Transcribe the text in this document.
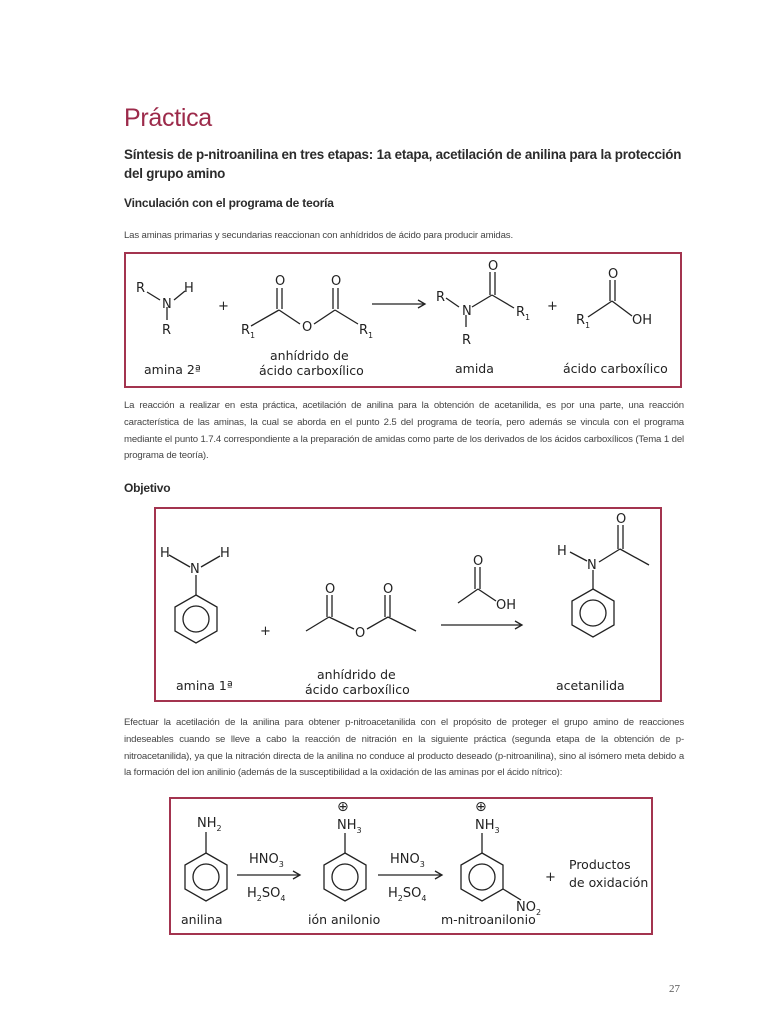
Práctica
Síntesis de p-nitroanilina en tres etapas: 1a etapa, acetilación de anilina para la protección del grupo amino
Vinculación con el programa de teoría
Las aminas primarias y secundarias reaccionan con anhídridos de ácido para producir amidas.
R
N
H
R
+
O	O
O
R 1	R 1
R
N
R
O
R 1
+
R 1
O
OH
amina 2ª
anhídrido de
ácido carboxílico	amida	ácido carboxílico
La reacción a realizar en esta práctica, acetilación de anilina para la obtención de acetanilida, es por una parte, una reacción característica de las aminas, la cual se aborda en el punto 2.5 del programa de teoría, pero además se vincula con el programa mediante el punto 1.7.4 correspondiente a la preparación de amidas como parte de los derivados de los ácidos carboxílicos (Tema 1 del programa de teoría).
Objetivo
H
N
H
+
O	O
O
O
OH
H
N
O
amina 1ª
anhídrido de
ácido carboxílico	acetanilida
Efectuar la acetilación de la anilina para obtener p-nitroacetanilida con el propósito de proteger el grupo amino de reacciones indeseables cuando se lleve a cabo la reacción de nitración en la siguiente práctica (segunda etapa de la obtención de p-nitroacetanilida), ya que la nitración directa de la anilina no conduce al producto deseado (p-nitroanilina), sino al isómero meta debido a la formación del ion anilinio (además de la susceptibilidad a la oxidación de las aminas por el ácido nítrico):
$NH_2$
⊕
$NH_3$
⊕
$NH_3$
$NO_2$
$HNO_3$
$H_2SO_4$
$HNO_3$
$H_2SO_4$
+
Productos
de oxidación
anilina	ión anilonio	m-nitroanilonio
27
